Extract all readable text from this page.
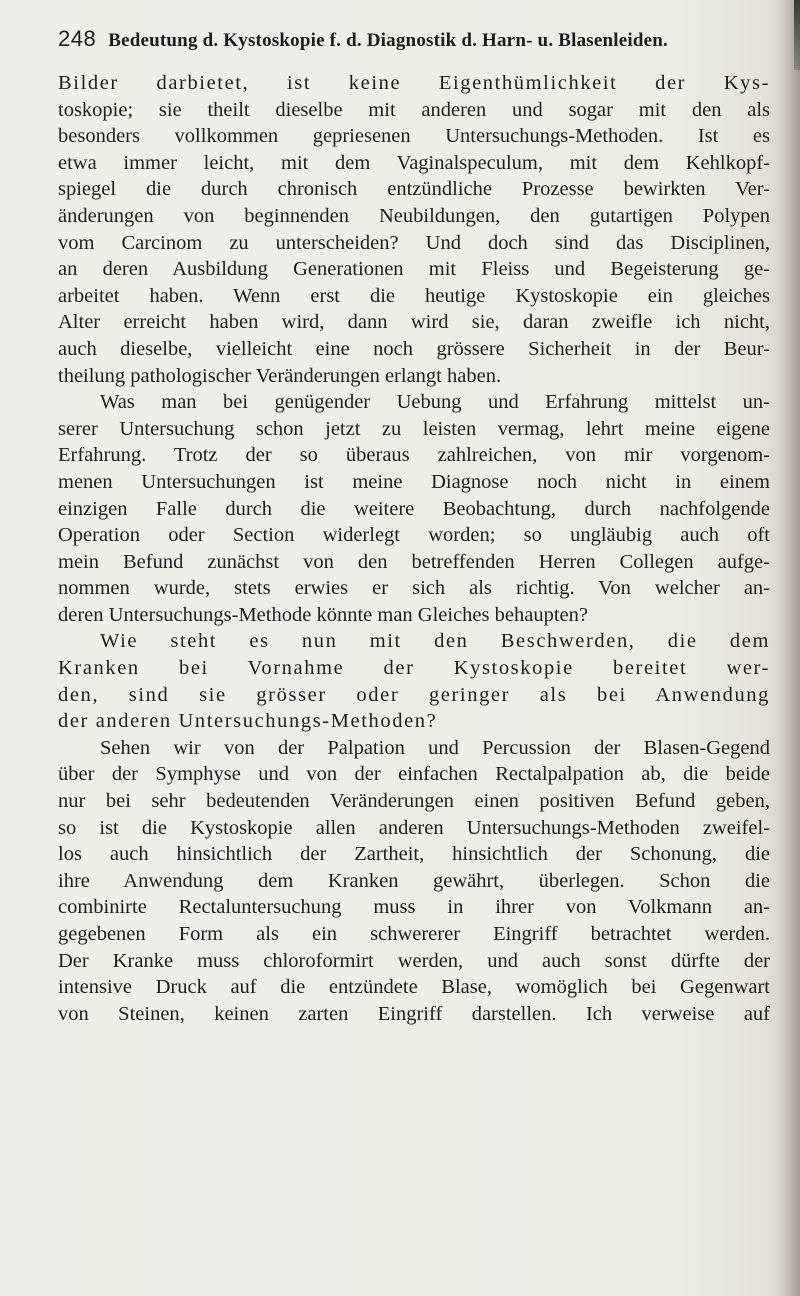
248 Bedeutung d. Kystoskopie f. d. Diagnostik d. Harn- u. Blasenleiden.
Bilder darbietet, ist keine Eigenthümlichkeit der Kys-
toskopie; sie theilt dieselbe mit anderen und sogar mit den als
besonders vollkommen gepriesenen Untersuchungs-Methoden. Ist es
etwa immer leicht, mit dem Vaginalspeculum, mit dem Kehlkopf-
spiegel die durch chronisch entzündliche Prozesse bewirkten Ver-
änderungen von beginnenden Neubildungen, den gutartigen Polypen
vom Carcinom zu unterscheiden? Und doch sind das Disciplinen,
an deren Ausbildung Generationen mit Fleiss und Begeisterung ge-
arbeitet haben. Wenn erst die heutige Kystoskopie ein gleiches
Alter erreicht haben wird, dann wird sie, daran zweifle ich nicht,
auch dieselbe, vielleicht eine noch grössere Sicherheit in der Beur-
theilung pathologischer Veränderungen erlangt haben.
Was man bei genügender Uebung und Erfahrung mittelst un-
serer Untersuchung schon jetzt zu leisten vermag, lehrt meine eigene
Erfahrung. Trotz der so überaus zahlreichen, von mir vorgenom-
menen Untersuchungen ist meine Diagnose noch nicht in einem
einzigen Falle durch die weitere Beobachtung, durch nachfolgende
Operation oder Section widerlegt worden; so ungläubig auch oft
mein Befund zunächst von den betreffenden Herren Collegen aufge-
nommen wurde, stets erwies er sich als richtig. Von welcher an-
deren Untersuchungs-Methode könnte man Gleiches behaupten?
Wie steht es nun mit den Beschwerden, die dem
Kranken bei Vornahme der Kystoskopie bereitet wer-
den, sind sie grösser oder geringer als bei Anwendung
der anderen Untersuchungs-Methoden?
Sehen wir von der Palpation und Percussion der Blasen-Gegend
über der Symphyse und von der einfachen Rectalpalpation ab, die beide
nur bei sehr bedeutenden Veränderungen einen positiven Befund geben,
so ist die Kystoskopie allen anderen Untersuchungs-Methoden zweifel-
los auch hinsichtlich der Zartheit, hinsichtlich der Schonung, die
ihre Anwendung dem Kranken gewährt, überlegen. Schon die
combinirte Rectaluntersuchung muss in ihrer von Volkmann an-
gegebenen Form als ein schwererer Eingriff betrachtet werden.
Der Kranke muss chloroformirt werden, und auch sonst dürfte der
intensive Druck auf die entzündete Blase, womöglich bei Gegenwart
von Steinen, keinen zarten Eingriff darstellen. Ich verweise auf
